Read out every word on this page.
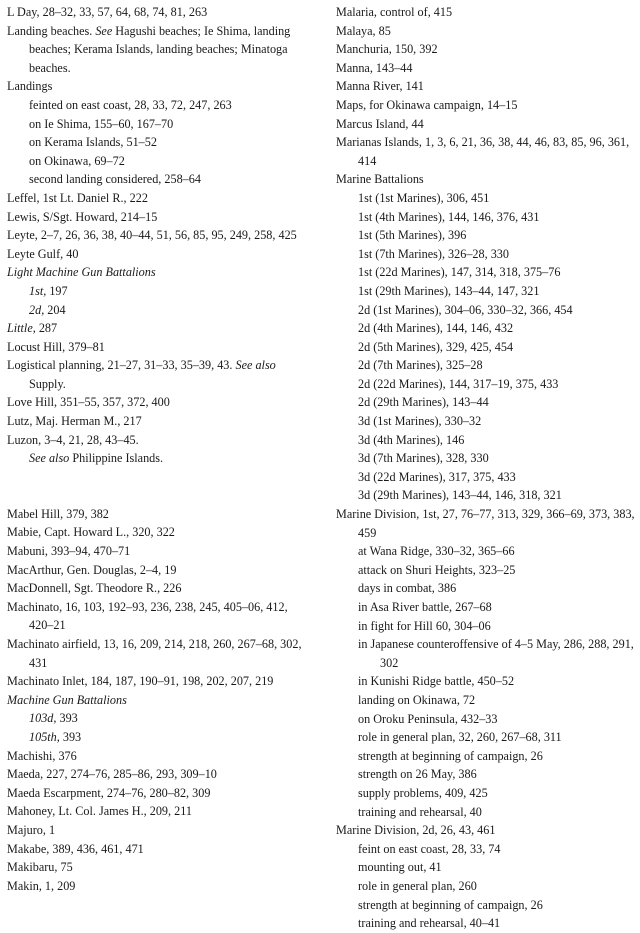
L Day, 28–32, 33, 57, 64, 68, 74, 81, 263
Landing beaches. See Hagushi beaches; Ie Shima, landing beaches; Kerama Islands, landing beaches; Minatoga beaches.
Landings
feinted on east coast, 28, 33, 72, 247, 263
on Ie Shima, 155–60, 167–70
on Kerama Islands, 51–52
on Okinawa, 69–72
second landing considered, 258–64
Leffel, 1st Lt. Daniel R., 222
Lewis, S/Sgt. Howard, 214–15
Leyte, 2–7, 26, 36, 38, 40–44, 51, 56, 85, 95, 249, 258, 425
Leyte Gulf, 40
Light Machine Gun Battalions
1st, 197
2d, 204
Little, 287
Locust Hill, 379–81
Logistical planning, 21–27, 31–33, 35–39, 43. See also Supply.
Love Hill, 351–55, 357, 372, 400
Lutz, Maj. Herman M., 217
Luzon, 3–4, 21, 28, 43–45.
See also Philippine Islands.
Mabel Hill, 379, 382
Mabie, Capt. Howard L., 320, 322
Mabuni, 393–94, 470–71
MacArthur, Gen. Douglas, 2–4, 19
MacDonnell, Sgt. Theodore R., 226
Machinato, 16, 103, 192–93, 236, 238, 245, 405–06, 412, 420–21
Machinato airfield, 13, 16, 209, 214, 218, 260, 267–68, 302, 431
Machinato Inlet, 184, 187, 190–91, 198, 202, 207, 219
Machine Gun Battalions
103d, 393
105th, 393
Machishi, 376
Maeda, 227, 274–76, 285–86, 293, 309–10
Maeda Escarpment, 274–76, 280–82, 309
Mahoney, Lt. Col. James H., 209, 211
Majuro, 1
Makabe, 389, 436, 461, 471
Makibaru, 75
Makin, 1, 209
Malaria, control of, 415
Malaya, 85
Manchuria, 150, 392
Manna, 143–44
Manna River, 141
Maps, for Okinawa campaign, 14–15
Marcus Island, 44
Marianas Islands, 1, 3, 6, 21, 36, 38, 44, 46, 83, 85, 96, 361, 414
Marine Battalions
1st (1st Marines), 306, 451
1st (4th Marines), 144, 146, 376, 431
1st (5th Marines), 396
1st (7th Marines), 326–28, 330
1st (22d Marines), 147, 314, 318, 375–76
1st (29th Marines), 143–44, 147, 321
2d (1st Marines), 304–06, 330–32, 366, 454
2d (4th Marines), 144, 146, 432
2d (5th Marines), 329, 425, 454
2d (7th Marines), 325–28
2d (22d Marines), 144, 317–19, 375, 433
2d (29th Marines), 143–44
3d (1st Marines), 330–32
3d (4th Marines), 146
3d (7th Marines), 328, 330
3d (22d Marines), 317, 375, 433
3d (29th Marines), 143–44, 146, 318, 321
Marine Division, 1st, 27, 76–77, 313, 329, 366–69, 373, 383, 459
at Wana Ridge, 330–32, 365–66
attack on Shuri Heights, 323–25
days in combat, 386
in Asa River battle, 267–68
in fight for Hill 60, 304–06
in Japanese counteroffensive of 4–5 May, 286, 288, 291, 302
in Kunishi Ridge battle, 450–52
landing on Okinawa, 72
on Oroku Peninsula, 432–33
role in general plan, 32, 260, 267–68, 311
strength at beginning of campaign, 26
strength on 26 May, 386
supply problems, 409, 425
training and rehearsal, 40
Marine Division, 2d, 26, 43, 461
feint on east coast, 28, 33, 74
mounting out, 41
role in general plan, 260
strength at beginning of campaign, 26
training and rehearsal, 40–41
